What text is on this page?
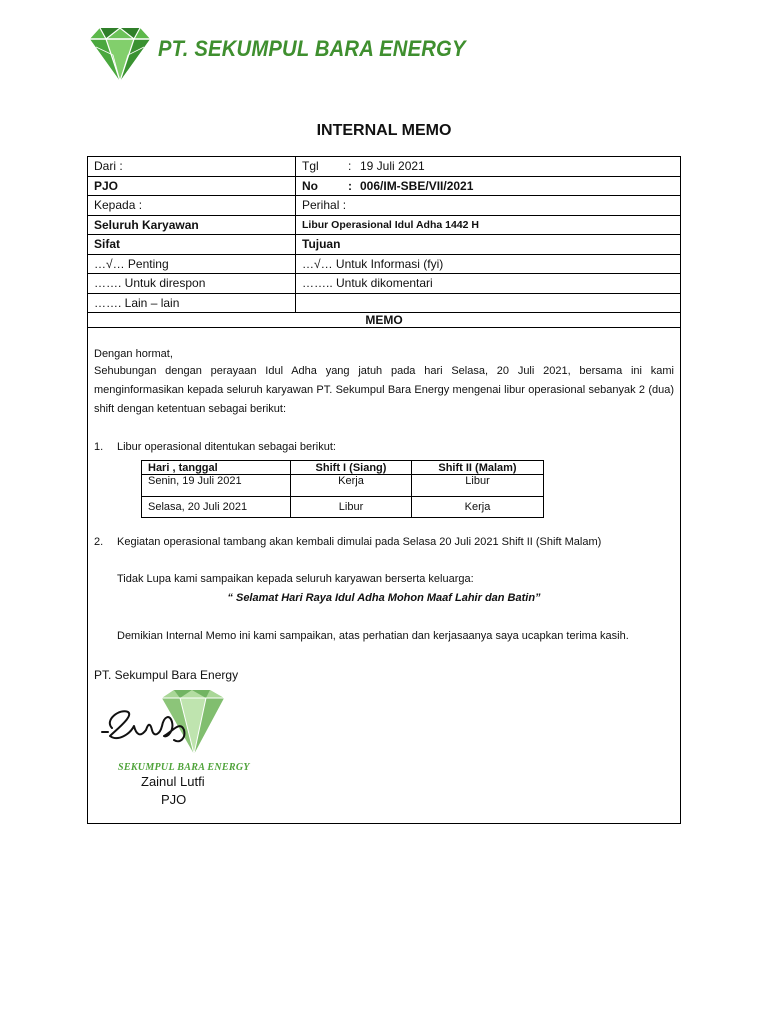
PT. SEKUMPUL BARA ENERGY
INTERNAL MEMO
Dari :	Tgl : 19 Juli 2021
PJO	No : 006/IM-SBE/VII/2021
Kepada :	Perihal :
Seluruh Karyawan	Libur Operasional Idul Adha 1442 H
Sifat	Tujuan
…√… Penting	…√… Untuk Informasi (fyi)
……. Untuk direspon	…….. Untuk dikomentari
……. Lain – lain	
MEMO	
Dengan hormat,
Sehubungan dengan perayaan Idul Adha yang jatuh pada hari Selasa, 20 Juli 2021, bersama ini kami menginformasikan kepada seluruh karyawan PT. Sekumpul Bara Energy mengenai libur operasional sebanyak 2 (dua) shift dengan ketentuan sebagai berikut:
1. Libur operasional ditentukan sebagai berikut:
Hari , tanggal	Shift I (Siang)	Shift II (Malam)
Senin, 19 Juli 2021	Kerja	Libur
Selasa, 20 Juli 2021	Libur	Kerja
2. Kegiatan operasional tambang akan kembali dimulai pada Selasa 20 Juli 2021 Shift II (Shift Malam)
Tidak Lupa kami sampaikan kepada seluruh karyawan berserta keluarga:
“ Selamat Hari Raya Idul Adha Mohon Maaf Lahir dan Batin”
Demikian Internal Memo ini kami sampaikan, atas perhatian dan kerjasaanya saya ucapkan terima kasih.
PT. Sekumpul Bara Energy
SEKUMPUL BARA ENERGY
Zainul Lutfi
PJO
